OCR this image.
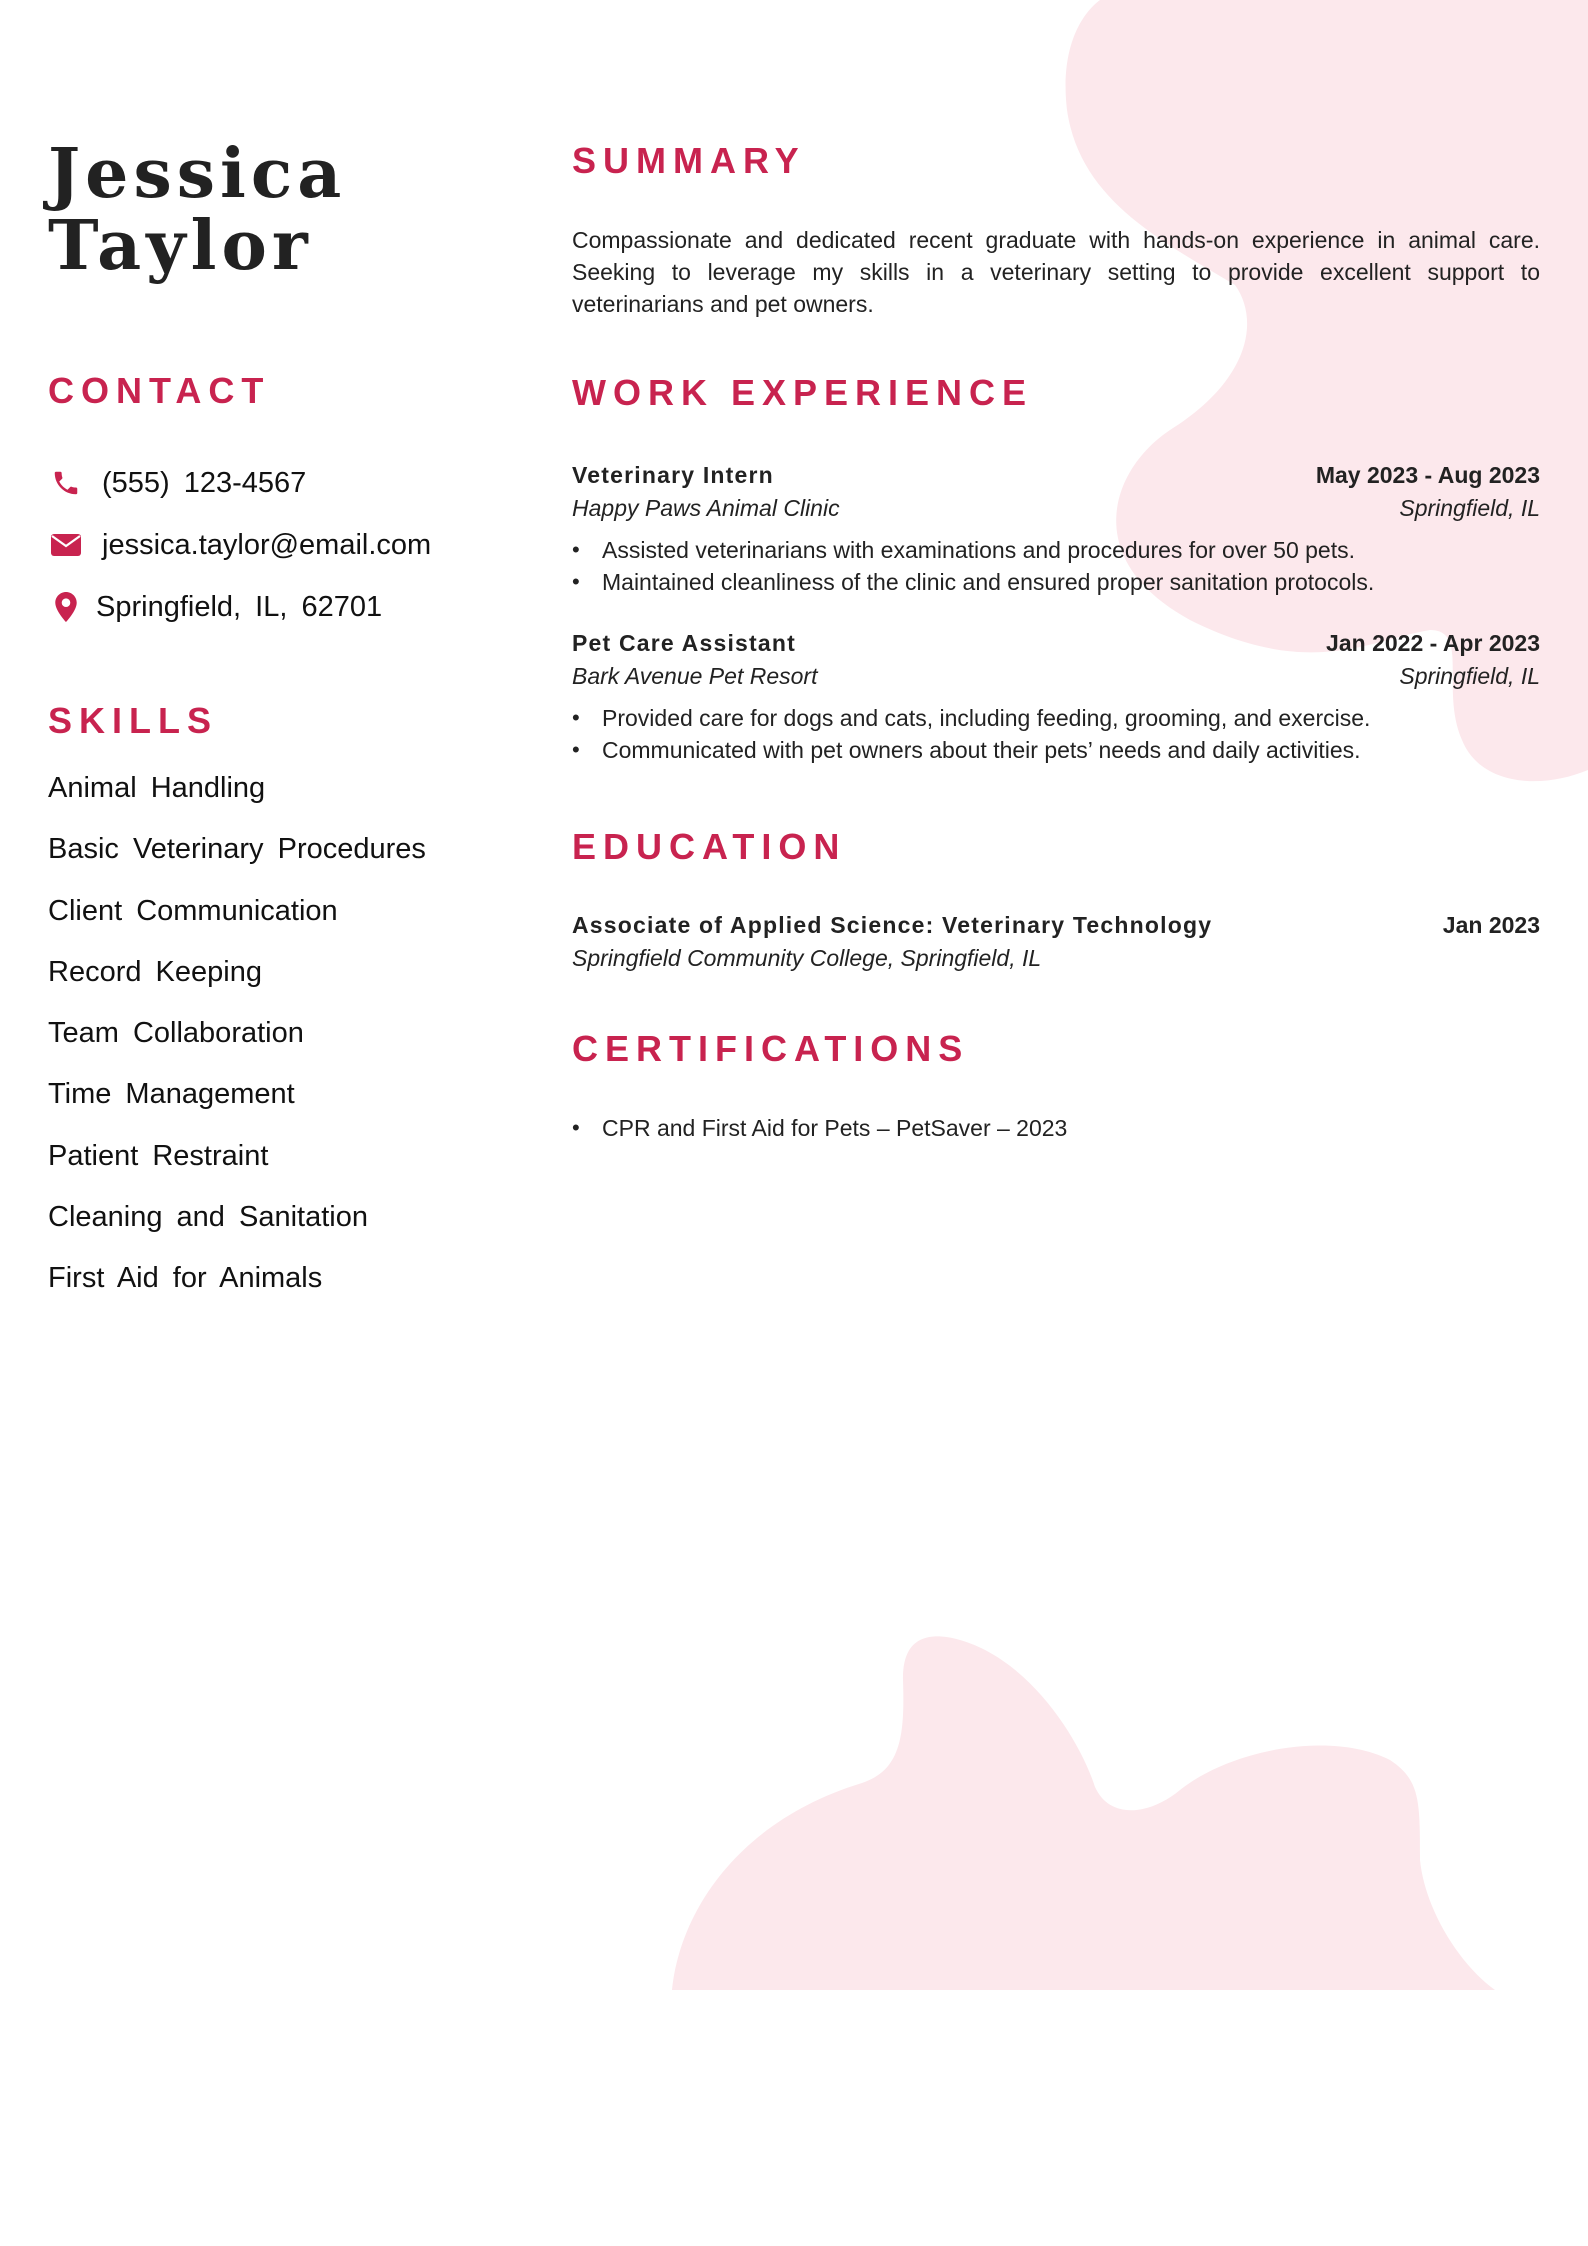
Jessica
Taylor
CONTACT
(555) 123-4567
jessica.taylor@email.com
Springfield, IL, 62701
SKILLS
Animal Handling
Basic Veterinary Procedures
Client Communication
Record Keeping
Team Collaboration
Time Management
Patient Restraint
Cleaning and Sanitation
First Aid for Animals
SUMMARY

Compassionate and dedicated recent graduate with hands-on experience in animal care. Seeking to leverage my skills in a veterinary setting to provide excellent support to veterinarians and pet owners.

WORK EXPERIENCE
Veterinary Intern	May 2023 - Aug 2023
Happy Paws Animal Clinic	Springfield, IL
• Assisted veterinarians with examinations and procedures for over 50 pets.
• Maintained cleanliness of the clinic and ensured proper sanitation protocols.
Pet Care Assistant	Jan 2022 - Apr 2023
Bark Avenue Pet Resort	Springfield, IL
• Provided care for dogs and cats, including feeding, grooming, and exercise.
• Communicated with pet owners about their pets’ needs and daily activities.
EDUCATION
Associate of Applied Science: Veterinary Technology	Jan 2023
Springfield Community College, Springfield, IL
CERTIFICATIONS
• CPR and First Aid for Pets – PetSaver – 2023
